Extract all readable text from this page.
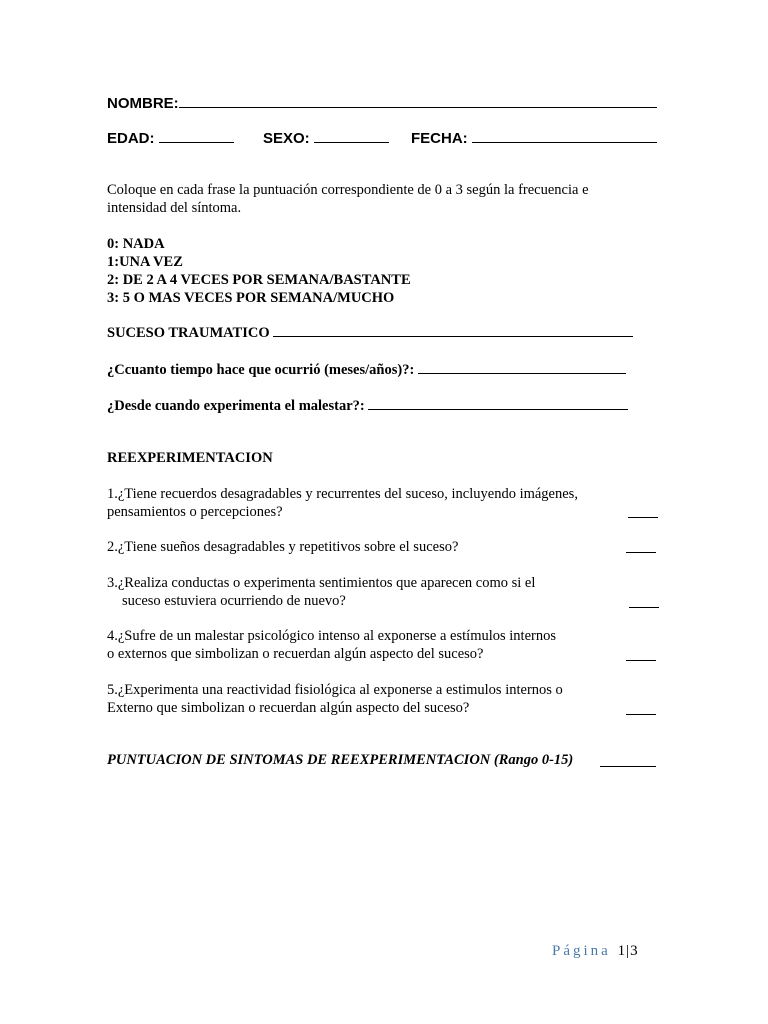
NOMBRE:
EDAD:	SEXO:	FECHA:
Coloque en cada frase la puntuación correspondiente de 0 a 3 según la frecuencia e
intensidad del síntoma.
0: NADA
1:UNA VEZ
2: DE 2 A 4 VECES POR SEMANA/BASTANTE
3: 5 O MAS VECES POR SEMANA/MUCHO
SUCESO TRAUMATICO
¿Ccuanto tiempo hace que ocurrió (meses/años)?:
¿Desde cuando experimenta el malestar?:
REEXPERIMENTACION
1.¿Tiene recuerdos desagradables y recurrentes del suceso, incluyendo imágenes,
pensamientos o percepciones?
2.¿Tiene sueños desagradables y repetitivos sobre el suceso?
3.¿Realiza conductas o experimenta sentimientos que aparecen como si el
suceso estuviera ocurriendo de nuevo?
4.¿Sufre de un malestar psicológico intenso al exponerse a estímulos internos
o externos que simbolizan o recuerdan algún aspecto del suceso?
5.¿Experimenta una reactividad fisiológica al exponerse a estimulos internos o
Externo que simbolizan o recuerdan algún aspecto del suceso?
PUNTUACION DE SINTOMAS DE REEXPERIMENTACION (Rango 0-15)
Página 1|3
